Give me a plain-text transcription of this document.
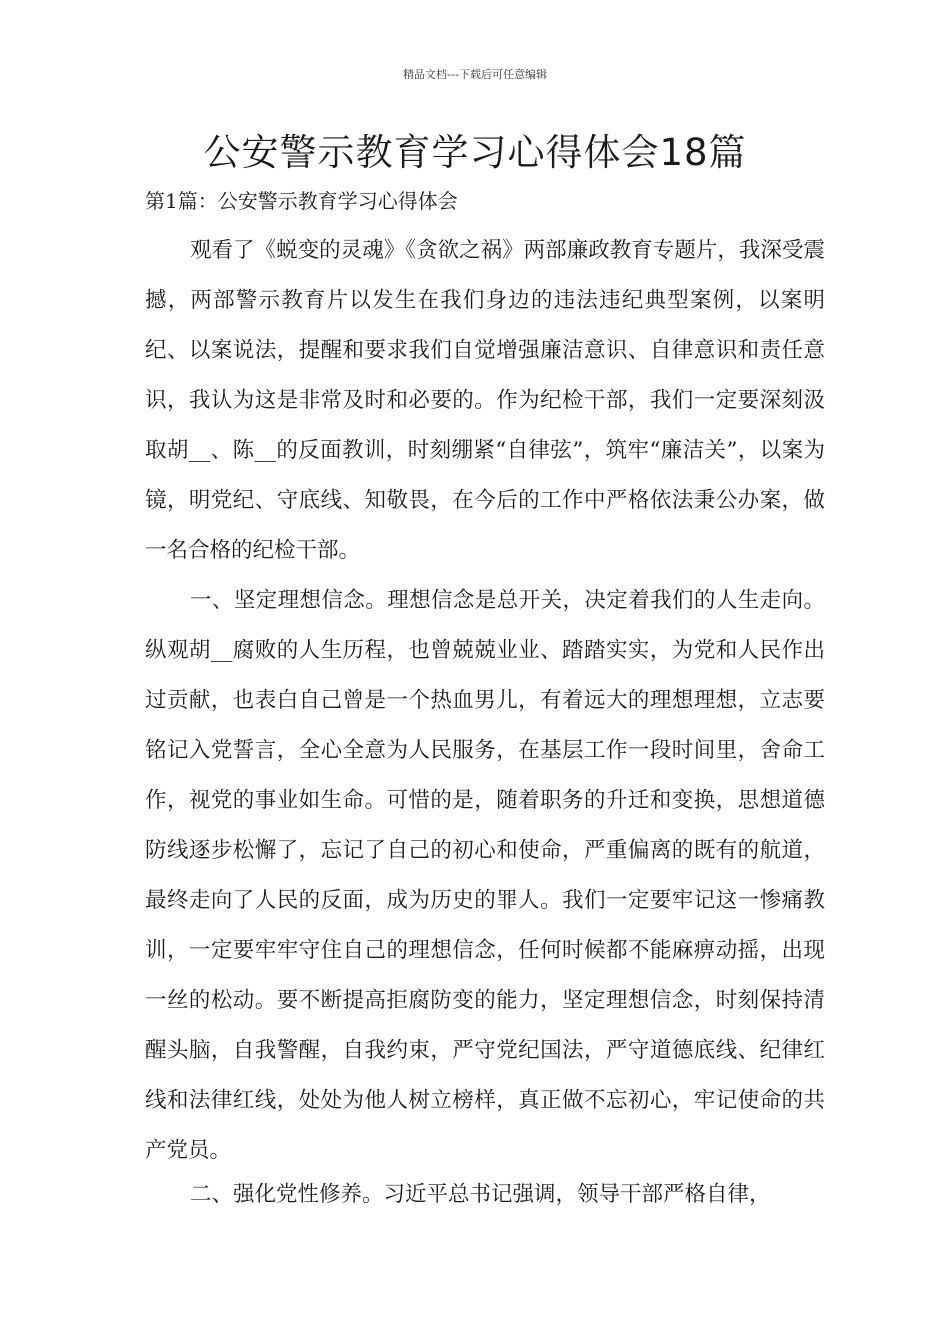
精品文档---下载后可任意编辑
公安警示教育学习心得体会18篇
第1篇：公安警示教育学习心得体会

观看了《蜕变的灵魂》《贪欲之祸》两部廉政教育专题片，我深受震撼，两部警示教育片以发生在我们身边的违法违纪典型案例，以案明纪、以案说法，提醒和要求我们自觉增强廉洁意识、自律意识和责任意识，我认为这是非常及时和必要的。作为纪检干部，我们一定要深刻汲取胡__、陈__的反面教训，时刻绷紧“自律弦”，筑牢“廉洁关”，以案为镜，明党纪、守底线、知敬畏，在今后的工作中严格依法秉公办案，做一名合格的纪检干部。

一、坚定理想信念。理想信念是总开关，决定着我们的人生走向。纵观胡__腐败的人生历程，也曾兢兢业业、踏踏实实，为党和人民作出过贡献，也表白自己曾是一个热血男儿，有着远大的理想理想，立志要铭记入党誓言，全心全意为人民服务，在基层工作一段时间里，舍命工作，视党的事业如生命。可惜的是，随着职务的升迁和变换，思想道德防线逐步松懈了，忘记了自己的初心和使命，严重偏离的既有的航道，最终走向了人民的反面，成为历史的罪人。我们一定要牢记这一惨痛教训，一定要牢牢守住自己的理想信念，任何时候都不能麻痹动摇，出现一丝的松动。要不断提高拒腐防变的能力，坚定理想信念，时刻保持清醒头脑，自我警醒，自我约束，严守党纪国法，严守道德底线、纪律红线和法律红线，处处为他人树立榜样，真正做不忘初心，牢记使命的共产党员。

二、强化党性修养。习近平总书记强调，领导干部严格自律，
